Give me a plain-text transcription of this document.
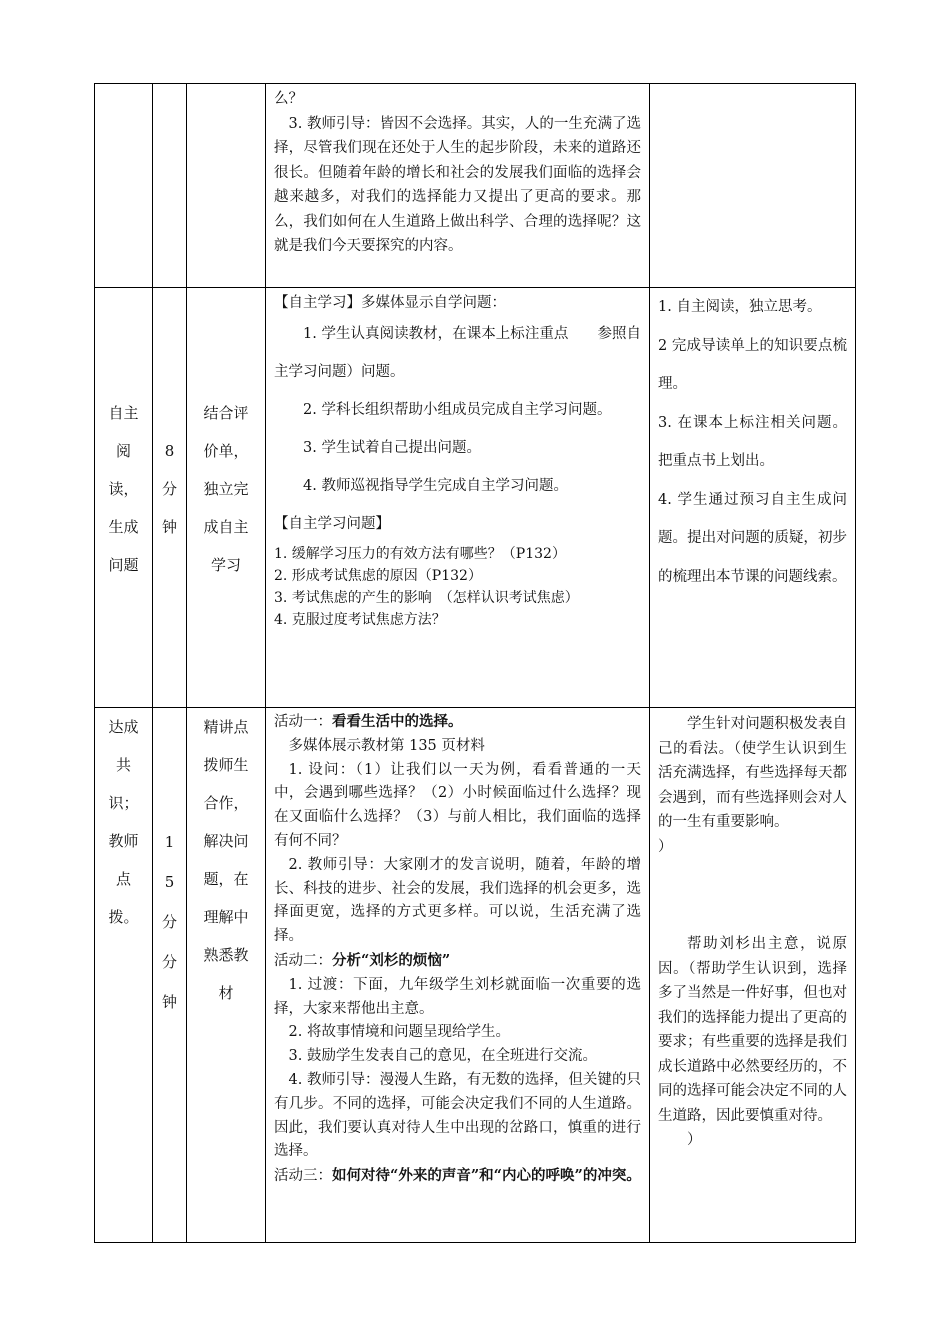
么？

3. 教师引导：皆因不会选择。其实，人的一生充满了选择，尽管我们现在还处于人生的起步阶段，未来的道路还很长。但随着年龄的增长和社会的发展我们面临的选择会越来越多，对我们的选择能力又提出了更高的要求。那么，我们如何在人生道路上做出科学、合理的选择呢？这就是我们今天要探究的内容。

自主
阅
读，
生成
问题
8
分
钟
结合评
价单，
独立完
成自主
学习

【自主学习】多媒体显示自学问题：

1. 学生认真阅读教材，在课本上标注重点　　参照自主学习问题）问题。

2. 学科长组织帮助小组成员完成自主学习问题。

3. 学生试着自己提出问题。

4. 教师巡视指导学生完成自主学习问题。

【自主学习问题】

1. 缓解学习压力的有效方法有哪些？（P132）

2. 形成考试焦虑的原因（P132）

3. 考试焦虑的产生的影响　（怎样认识考试焦虑）

4. 克服过度考试焦虑方法？

1. 自主阅读，独立思考。

2 完成导读单上的知识要点梳理。

3. 在课本上标注相关问题。把重点书上划出。

4. 学生通过预习自主生成问题。提出对问题的质疑，初步的梳理出本节课的问题线索。

达成
共
识；
教师
点
拨。
1
5
分
分
钟
精讲点
拨师生
合作，
解决问
题，在
理解中
熟悉教
材

活动一：看看生活中的选择。

多媒体展示教材第 135 页材料

1. 设问：（1）让我们以一天为例，看看普通的一天中，会遇到哪些选择？（2）小时候面临过什么选择？现在又面临什么选择？（3）与前人相比，我们面临的选择有何不同？

2. 教师引导：大家刚才的发言说明，随着，年龄的增长、科技的进步、社会的发展，我们选择的机会更多，选择面更宽，选择的方式更多样。可以说，生活充满了选择。

活动二：分析“刘杉的烦恼”

1. 过渡：下面，九年级学生刘杉就面临一次重要的选择，大家来帮他出主意。

2. 将故事情境和问题呈现给学生。

3. 鼓励学生发表自己的意见，在全班进行交流。

4. 教师引导：漫漫人生路，有无数的选择，但关键的只有几步。不同的选择，可能会决定我们不同的人生道路。因此，我们要认真对待人生中出现的岔路口，慎重的进行选择。

活动三：如何对待“外来的声音”和“内心的呼唤”的冲突。

学生针对问题积极发表自己的看法。（使学生认识到生活充满选择，有些选择每天都会遇到，而有些选择则会对人的一生有重要影响。

）

帮助刘杉出主意，说原因。（帮助学生认识到，选择多了当然是一件好事，但也对我们的选择能力提出了更高的要求；有些重要的选择是我们成长道路中必然要经历的，不同的选择可能会决定不同的人生道路，因此要慎重对待。

）
